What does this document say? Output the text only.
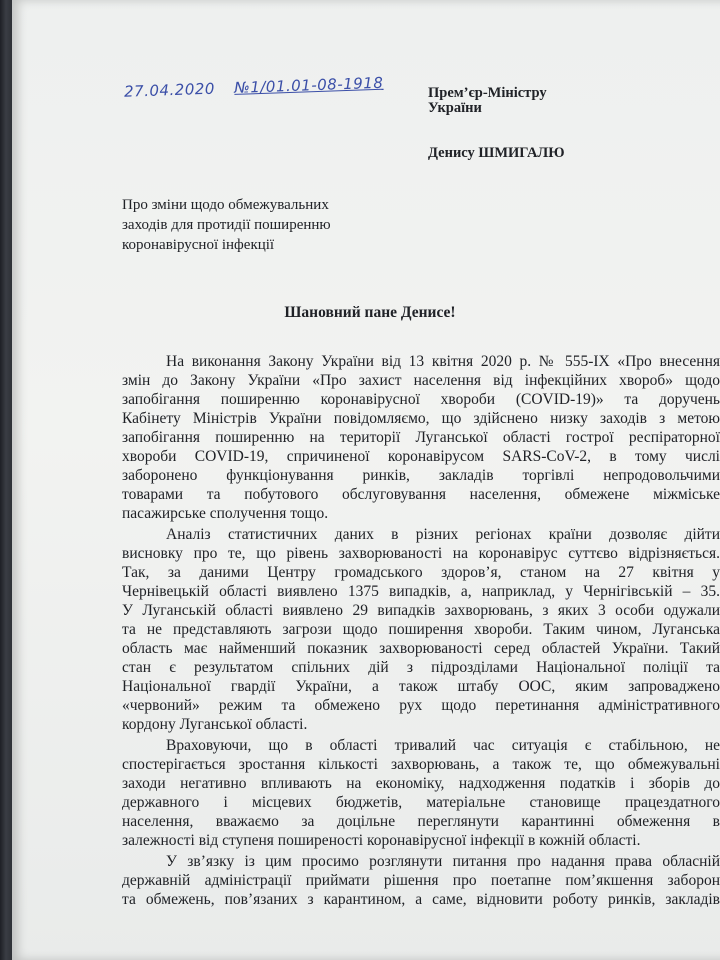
27.04.2020 №1/01.01-08-1918	Прем’єр-Міністру
України
Денису ШМИГАЛЮ
Про зміни щодо обмежувальних
заходів для протидії поширенню
коронавірусної інфекції
Шановний пане Денисе!
На виконання Закону України від 13 квітня 2020 р. № 555-ІХ «Про внесення
змін до Закону України «Про захист населення від інфекційних хвороб» щодо
запобігання поширенню коронавірусної хвороби (COVID-19)» та доручень
Кабінету Міністрів України повідомляємо, що здійснено низку заходів з метою
запобігання поширенню на території Луганської області гострої респіраторної
хвороби COVID-19, спричиненої коронавірусом SARS-CoV-2, в тому числі
заборонено функціонування ринків, закладів торгівлі непродовольчими
товарами та побутового обслуговування населення, обмежене міжміське
пасажирське сполучення тощо.
Аналіз статистичних даних в різних регіонах країни дозволяє дійти
висновку про те, що рівень захворюваності на коронавірус суттєво відрізняється.
Так, за даними Центру громадського здоров’я, станом на 27 квітня у
Чернівецькій області виявлено 1375 випадків, а, наприклад, у Чернігівській – 35.
У Луганській області виявлено 29 випадків захворювань, з яких 3 особи одужали
та не представляють загрози щодо поширення хвороби. Таким чином, Луганська
область має найменший показник захворюваності серед областей України. Такий
стан є результатом спільних дій з підрозділами Національної поліції та
Національної гвардії України, а також штабу ООС, яким запроваджено
«червоний» режим та обмежено рух щодо перетинання адміністративного
кордону Луганської області.
Враховуючи, що в області тривалий час ситуація є стабільною, не
спостерігається зростання кількості захворювань, а також те, що обмежувальні
заходи негативно впливають на економіку, надходження податків і зборів до
державного і місцевих бюджетів, матеріальне становище працездатного
населення, вважаємо за доцільне переглянути карантинні обмеження в
залежності від ступеня поширеності коронавірусної інфекції в кожній області.
У зв’язку із цим просимо розглянути питання про надання права обласній
державній адміністрації приймати рішення про поетапне пом’якшення заборон
та обмежень, пов’язаних з карантином, а саме, відновити роботу ринків, закладів
